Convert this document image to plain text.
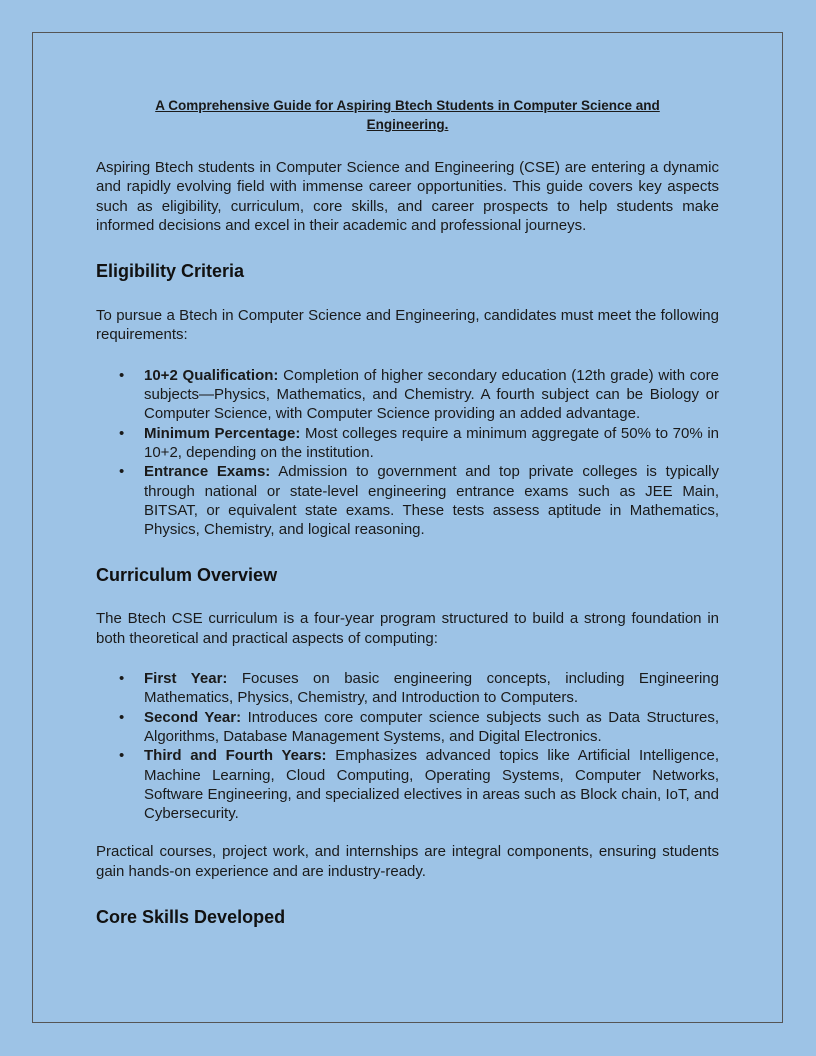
A Comprehensive Guide for Aspiring Btech Students in Computer Science and Engineering.

Aspiring Btech students in Computer Science and Engineering (CSE) are entering a dynamic and rapidly evolving field with immense career opportunities. This guide covers key aspects such as eligibility, curriculum, core skills, and career prospects to help students make informed decisions and excel in their academic and professional journeys.

Eligibility Criteria

To pursue a Btech in Computer Science and Engineering, candidates must meet the following requirements:

• 10+2 Qualification: Completion of higher secondary education (12th grade) with core subjects—Physics, Mathematics, and Chemistry. A fourth subject can be Biology or Computer Science, with Computer Science providing an added advantage.
• Minimum Percentage: Most colleges require a minimum aggregate of 50% to 70% in 10+2, depending on the institution.
• Entrance Exams: Admission to government and top private colleges is typically through national or state-level engineering entrance exams such as JEE Main, BITSAT, or equivalent state exams. These tests assess aptitude in Mathematics, Physics, Chemistry, and logical reasoning.
Curriculum Overview

The Btech CSE curriculum is a four-year program structured to build a strong foundation in both theoretical and practical aspects of computing:

• First Year: Focuses on basic engineering concepts, including Engineering Mathematics, Physics, Chemistry, and Introduction to Computers.
• Second Year: Introduces core computer science subjects such as Data Structures, Algorithms, Database Management Systems, and Digital Electronics.
• Third and Fourth Years: Emphasizes advanced topics like Artificial Intelligence, Machine Learning, Cloud Computing, Operating Systems, Computer Networks, Software Engineering, and specialized electives in areas such as Block chain, IoT, and Cybersecurity.

Practical courses, project work, and internships are integral components, ensuring students gain hands-on experience and are industry-ready.

Core Skills Developed
